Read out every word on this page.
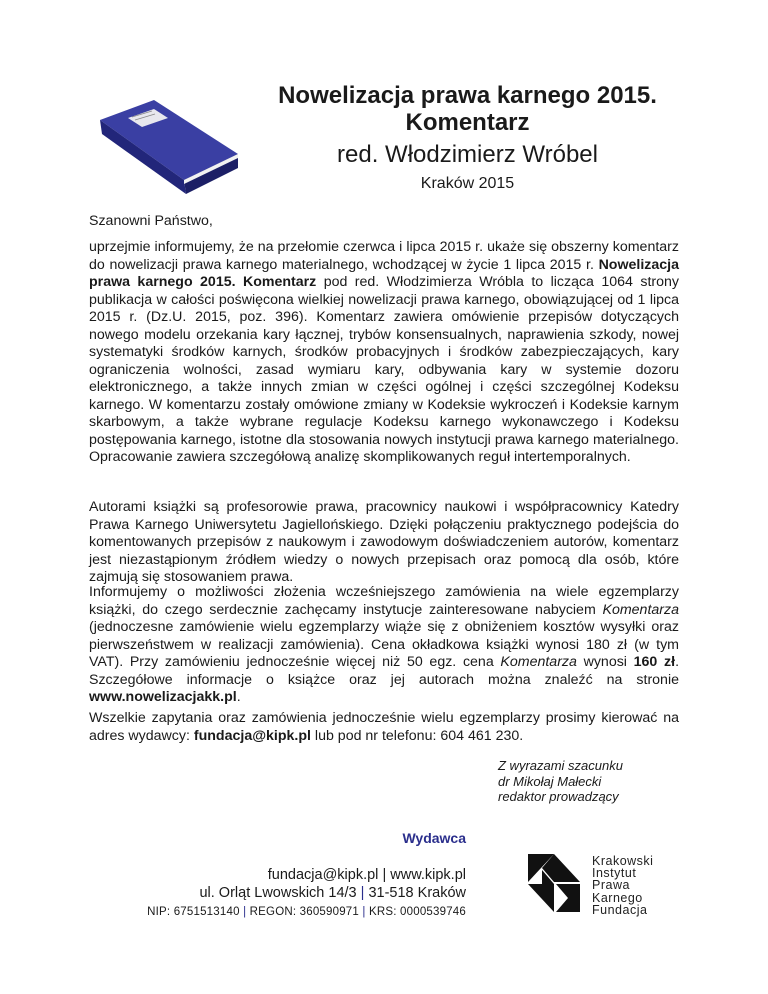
Nowelizacja prawa karnego 2015.
Komentarz
red. Włodzimierz Wróbel
Kraków 2015
Szanowni Państwo,

uprzejmie informujemy, że na przełomie czerwca i lipca 2015 r. ukaże się obszerny komentarz do nowelizacji prawa karnego materialnego, wchodzącej w życie 1 lipca 2015 r. Nowelizacja prawa karnego 2015. Komentarz pod red. Włodzimierza Wróbla to licząca 1064 strony publikacja w całości poświęcona wielkiej nowelizacji prawa karnego, obowiązującej od 1 lipca 2015 r. (Dz.U. 2015, poz. 396). Komentarz zawiera omówienie przepisów dotyczących nowego modelu orzekania kary łącznej, trybów konsensualnych, naprawienia szkody, nowej systematyki środków karnych, środków probacyjnych i środków zabezpieczających, kary ograniczenia wolności, zasad wymiaru kary, odbywania kary w systemie dozoru elektronicznego, a także innych zmian w części ogólnej i części szczególnej Kodeksu karnego. W komentarzu zostały omówione zmiany w Kodeksie wykroczeń i Kodeksie karnym skarbowym, a także wybrane regulacje Kodeksu karnego wykonawczego i Kodeksu postępowania karnego, istotne dla stosowania nowych instytucji prawa karnego materialnego. Opracowanie zawiera szczegółową analizę skomplikowanych reguł intertemporalnych.

Autorami książki są profesorowie prawa, pracownicy naukowi i współpracownicy Katedry Prawa Karnego Uniwersytetu Jagiellońskiego. Dzięki połączeniu praktycznego podejścia do komentowanych przepisów z naukowym i zawodowym doświadczeniem autorów, komentarz jest niezastąpionym źródłem wiedzy o nowych przepisach oraz pomocą dla osób, które zajmują się stosowaniem prawa.

Informujemy o możliwości złożenia wcześniejszego zamówienia na wiele egzemplarzy książki, do czego serdecznie zachęcamy instytucje zainteresowane nabyciem Komentarza (jednoczesne zamówienie wielu egzemplarzy wiąże się z obniżeniem kosztów wysyłki oraz pierwszeństwem w realizacji zamówienia). Cena okładkowa książki wynosi 180 zł (w tym VAT). Przy zamówieniu jednocześnie więcej niż 50 egz. cena Komentarza wynosi 160 zł. Szczegółowe informacje o książce oraz jej autorach można znaleźć na stronie www.nowelizacjakk.pl.

Wszelkie zapytania oraz zamówienia jednocześnie wielu egzemplarzy prosimy kierować na adres wydawcy: fundacja@kipk.pl lub pod nr telefonu: 604 461 230.

Z wyrazami szacunku
dr Mikołaj Małecki
redaktor prowadzący
Wydawca
fundacja@kipk.pl | www.kipk.pl
ul. Orląt Lwowskich 14/3 | 31-518 Kraków
NIP: 6751513140 | REGON: 360590971 | KRS: 0000539746
Krakowski
Instytut
Prawa
Karnego
Fundacja
